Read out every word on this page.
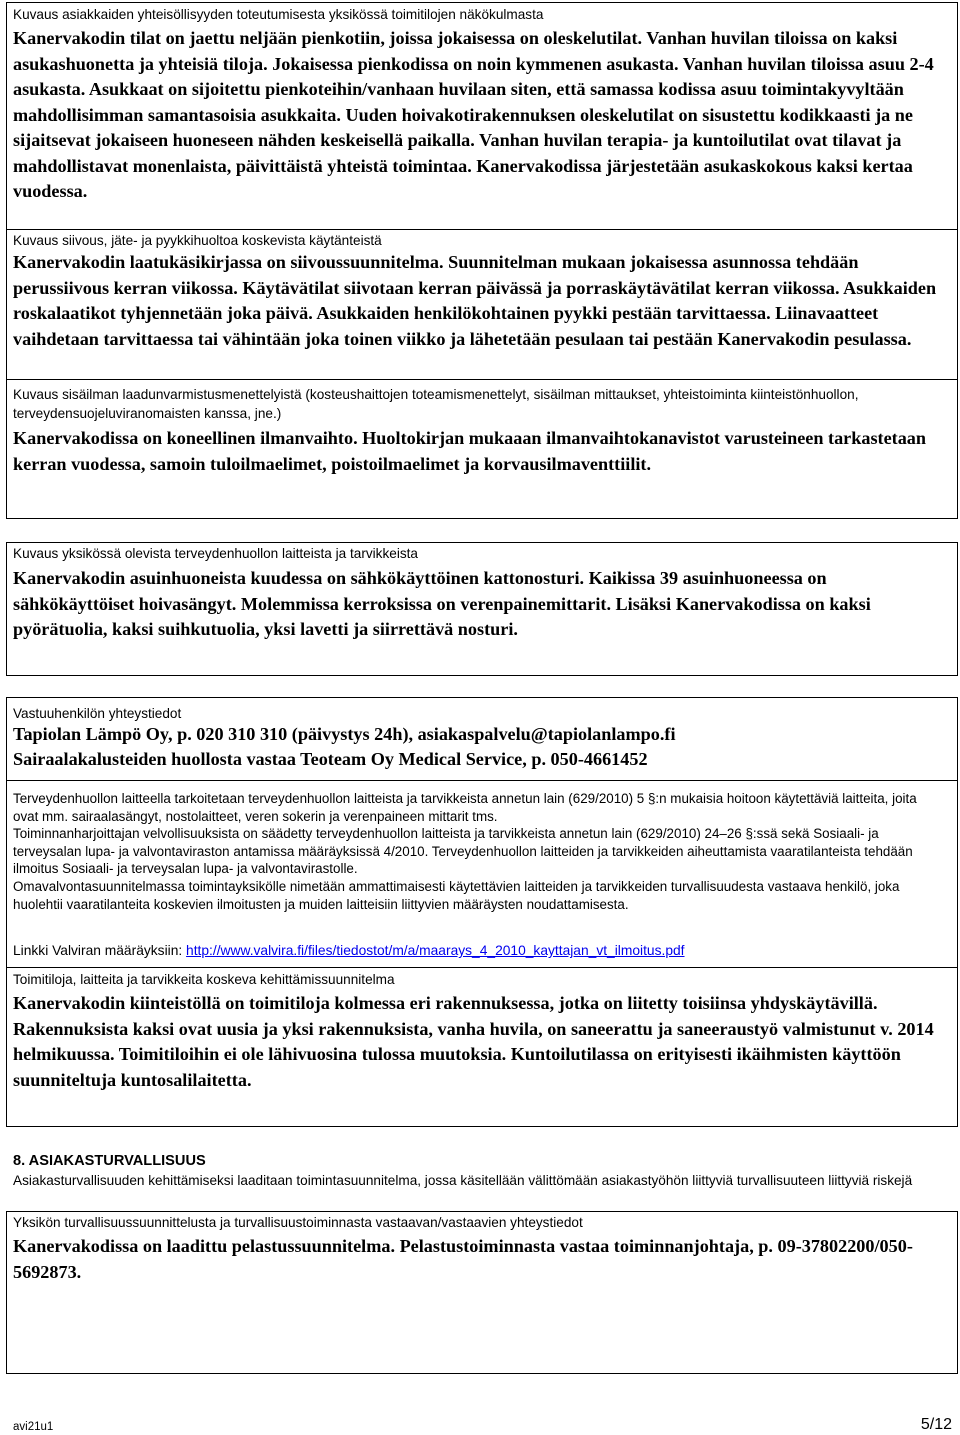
Kuvaus asiakkaiden yhteisöllisyyden toteutumisesta yksikössä toimitilojen näkökulmasta
Kanervakodin tilat on jaettu neljään pienkotiin, joissa jokaisessa on oleskelutilat. Vanhan huvilan tiloissa on kaksi asukashuonetta ja yhteisiä tiloja. Jokaisessa pienkodissa on noin kymmenen asukasta. Vanhan huvilan tiloissa asuu 2-4 asukasta. Asukkaat on sijoitettu pienkoteihin/vanhaan huvilaan siten, että samassa kodissa asuu toimintakyvyltään mahdollisimman samantasoisia asukkaita. Uuden hoivakotirakennuksen oleskelutilat on sisustettu kodikkaasti ja ne sijaitsevat jokaiseen huoneseen nähden keskeisellä paikalla. Vanhan huvilan terapia- ja kuntoilutilat ovat tilavat ja mahdollistavat monenlaista, päivittäistä yhteistä toimintaa. Kanervakodissa järjestetään asukaskokous kaksi kertaa vuodessa.
Kuvaus siivous, jäte- ja pyykkihuoltoa koskevista käytänteistä
Kanervakodin laatukäsikirjassa on siivoussuunnitelma. Suunnitelman mukaan jokaisessa asunnossa tehdään perussiivous kerran viikossa. Käytävätilat siivotaan kerran päivässä ja porraskäytävätilat kerran viikossa. Asukkaiden roskalaatikot tyhjennetään joka päivä. Asukkaiden henkilökohtainen pyykki pestään tarvittaessa. Liinavaatteet vaihdetaan tarvittaessa tai vähintään joka toinen viikko ja lähetetään pesulaan tai pestään Kanervakodin pesulassa.
Kuvaus sisäilman laadunvarmistusmenettelyistä (kosteushaittojen toteamismenettelyt, sisäilman mittaukset, yhteistoiminta kiinteistönhuollon, terveydensuojeluviranomaisten kanssa, jne.)
Kanervakodissa on koneellinen ilmanvaihto. Huoltokirjan mukaaan ilmanvaihtokanavistot varusteineen tarkastetaan kerran vuodessa, samoin tuloilmaelimet, poistoilmaelimet ja korvausilmaventtiilit.
Kuvaus yksikössä olevista terveydenhuollon laitteista ja tarvikkeista
Kanervakodin asuinhuoneista kuudessa on sähkökäyttöinen kattonosturi. Kaikissa 39 asuinhuoneessa on sähkökäyttöiset hoivasängyt. Molemmissa kerroksissa on verenpainemittarit. Lisäksi Kanervakodissa on kaksi pyörätuolia, kaksi suihkutuolia, yksi lavetti ja siirrettävä nosturi.
Vastuuhenkilön yhteystiedot
Tapiolan Lämpö Oy, p. 020 310 310 (päivystys 24h), asiakaspalvelu@tapiolanlampo.fi
Sairaalakalusteiden huollosta vastaa Teoteam Oy Medical Service, p. 050-4661452
Terveydenhuollon laitteella tarkoitetaan terveydenhuollon laitteista ja tarvikkeista annetun lain (629/2010) 5 §:n mukaisia hoitoon käytettäviä laitteita, joita ovat mm. sairaalasängyt, nostolaitteet, veren sokerin ja verenpaineen mittarit tms.
Toiminnanharjoittajan velvollisuuksista on säädetty terveydenhuollon laitteista ja tarvikkeista annetun lain (629/2010) 24–26 §:ssä sekä Sosiaali- ja terveysalan lupa- ja valvontaviraston antamissa määräyksissä 4/2010. Terveydenhuollon laitteiden ja tarvikkeiden aiheuttamista vaaratilanteista tehdään ilmoitus Sosiaali- ja terveysalan lupa- ja valvontavirastolle.
Omavalvontasuunnitelmassa toimintayksikölle nimetään ammattimaisesti käytettävien laitteiden ja tarvikkeiden turvallisuudesta vastaava henkilö, joka huolehtii vaaratilanteita koskevien ilmoitusten ja muiden laitteisiin liittyvien määräysten noudattamisesta.
Linkki Valviran määräyksiin: http://www.valvira.fi/files/tiedostot/m/a/maarays_4_2010_kayttajan_vt_ilmoitus.pdf
Toimitiloja, laitteita ja tarvikkeita koskeva kehittämissuunnitelma
Kanervakodin kiinteistöllä on toimitiloja kolmessa eri rakennuksessa, jotka on liitetty toisiinsa yhdyskäytävillä. Rakennuksista kaksi ovat uusia ja yksi rakennuksista, vanha huvila, on saneerattu ja saneeraustyö valmistunut v. 2014 helmikuussa. Toimitiloihin ei ole lähivuosina tulossa muutoksia. Kuntoilutilassa on erityisesti ikäihmisten käyttöön suunniteltuja kuntosalilaitetta.
8. ASIAKASTURVALLISUUS
Asiakasturvallisuuden kehittämiseksi laaditaan toimintasuunnitelma, jossa käsitellään välittömään asiakastyöhön liittyviä turvallisuuteen liittyviä riskejä
Yksikön turvallisuussuunnittelusta ja turvallisuustoiminnasta vastaavan/vastaavien yhteystiedot
Kanervakodissa on laadittu pelastussuunnitelma. Pelastustoiminnasta vastaa toiminnanjohtaja, p. 09-37802200/050-5692873.
avi21u1	5/12
